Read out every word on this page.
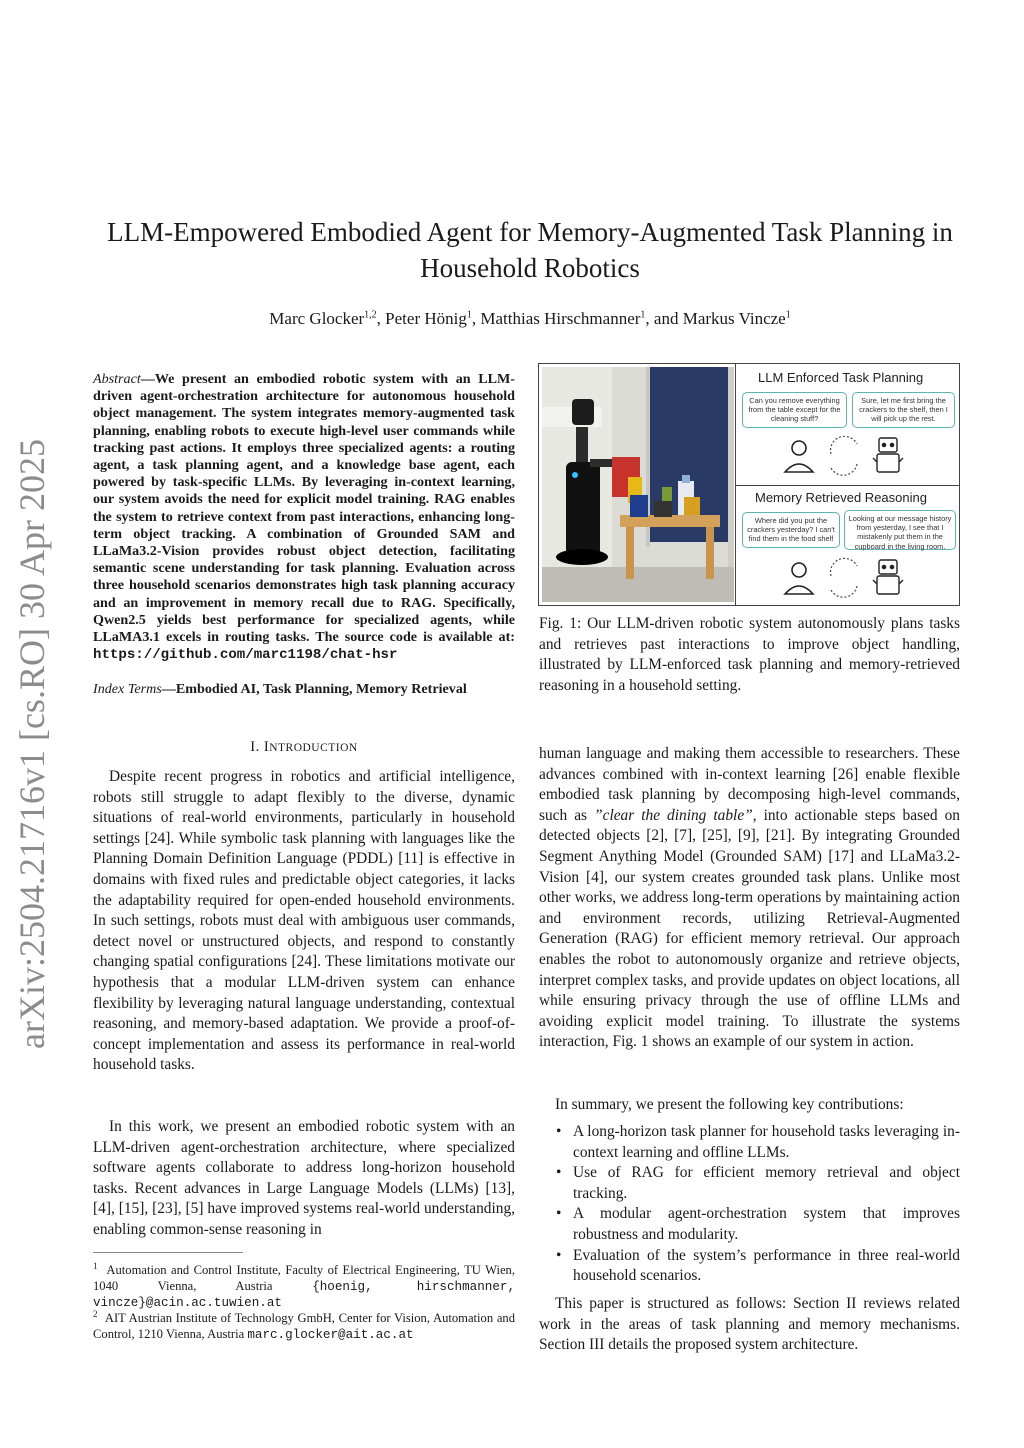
arXiv:2504.21716v1 [cs.RO] 30 Apr 2025
LLM-Empowered Embodied Agent for Memory-Augmented Task Planning in Household Robotics
Marc Glocker$^{1,2}$, Peter Hönig$^1$, Matthias Hirschmanner$^1$, and Markus Vincze$^1$
Abstract—We present an embodied robotic system with an LLM-driven agent-orchestration architecture for autonomous household object management. The system integrates memory-augmented task planning, enabling robots to execute high-level user commands while tracking past actions. It employs three specialized agents: a routing agent, a task planning agent, and a knowledge base agent, each powered by task-specific LLMs. By leveraging in-context learning, our system avoids the need for explicit model training. RAG enables the system to retrieve context from past interactions, enhancing long-term object tracking. A combination of Grounded SAM and LLaMa3.2-Vision provides robust object detection, facilitating semantic scene understanding for task planning. Evaluation across three household scenarios demonstrates high task planning accuracy and an improvement in memory recall due to RAG. Specifically, Qwen2.5 yields best performance for specialized agents, while LLaMA3.1 excels in routing tasks. The source code is available at: https://github.com/marc1198/chat-hsr
Index Terms—Embodied AI, Task Planning, Memory Retrieval
I. INTRODUCTION

Despite recent progress in robotics and artificial intelligence, robots still struggle to adapt flexibly to the diverse, dynamic situations of real-world environments, particularly in household settings [24]. While symbolic task planning with languages like the Planning Domain Definition Language (PDDL) [11] is effective in domains with fixed rules and predictable object categories, it lacks the adaptability required for open-ended household environments. In such settings, robots must deal with ambiguous user commands, detect novel or unstructured objects, and respond to constantly changing spatial configurations [24]. These limitations motivate our hypothesis that a modular LLM-driven system can enhance flexibility by leveraging natural language understanding, contextual reasoning, and memory-based adaptation. We provide a proof-of-concept implementation and assess its performance in real-world household tasks.

In this work, we present an embodied robotic system with an LLM-driven agent-orchestration architecture, where specialized software agents collaborate to address long-horizon household tasks. Recent advances in Large Language Models (LLMs) [13], [4], [15], [23], [5] have improved systems real-world understanding, enabling common-sense reasoning in

$^1$ Automation and Control Institute, Faculty of Electrical Engineering, TU Wien, 1040 Vienna, Austria {hoenig, hirschmanner, vincze}@acin.ac.tuwien.at
$^2$ AIT Austrian Institute of Technology GmbH, Center for Vision, Automation and Control, 1210 Vienna, Austria marc.glocker@ait.ac.at
LLM Enforced Task Planning
Can you remove everything from the table except for the cleaning stuff?
Sure, let me first bring the crackers to the shelf, then I will pick up the rest.
Memory Retrieved Reasoning
Where did you put the crackers yesterday? I can't find them in the food shelf
Looking at our message history from yesterday, I see that I mistakenly put them in the cupboard in the living room.
Fig. 1: Our LLM-driven robotic system autonomously plans tasks and retrieves past interactions to improve object handling, illustrated by LLM-enforced task planning and memory-retrieved reasoning in a household setting.

human language and making them accessible to researchers. These advances combined with in-context learning [26] enable flexible embodied task planning by decomposing high-level commands, such as ”clear the dining table”, into actionable steps based on detected objects [2], [7], [25], [9], [21]. By integrating Grounded Segment Anything Model (Grounded SAM) [17] and LLaMa3.2-Vision [4], our system creates grounded task plans. Unlike most other works, we address long-term operations by maintaining action and environment records, utilizing Retrieval-Augmented Generation (RAG) for efficient memory retrieval. Our approach enables the robot to autonomously organize and retrieve objects, interpret complex tasks, and provide updates on object locations, all while ensuring privacy through the use of offline LLMs and avoiding explicit model training. To illustrate the systems interaction, Fig. 1 shows an example of our system in action.

In summary, we present the following key contributions:

• A long-horizon task planner for household tasks leveraging in-context learning and offline LLMs.
• Use of RAG for efficient memory retrieval and object tracking.
• A modular agent-orchestration system that improves robustness and modularity.
• Evaluation of the system’s performance in three real-world household scenarios.

This paper is structured as follows: Section II reviews related work in the areas of task planning and memory mechanisms. Section III details the proposed system architecture.
